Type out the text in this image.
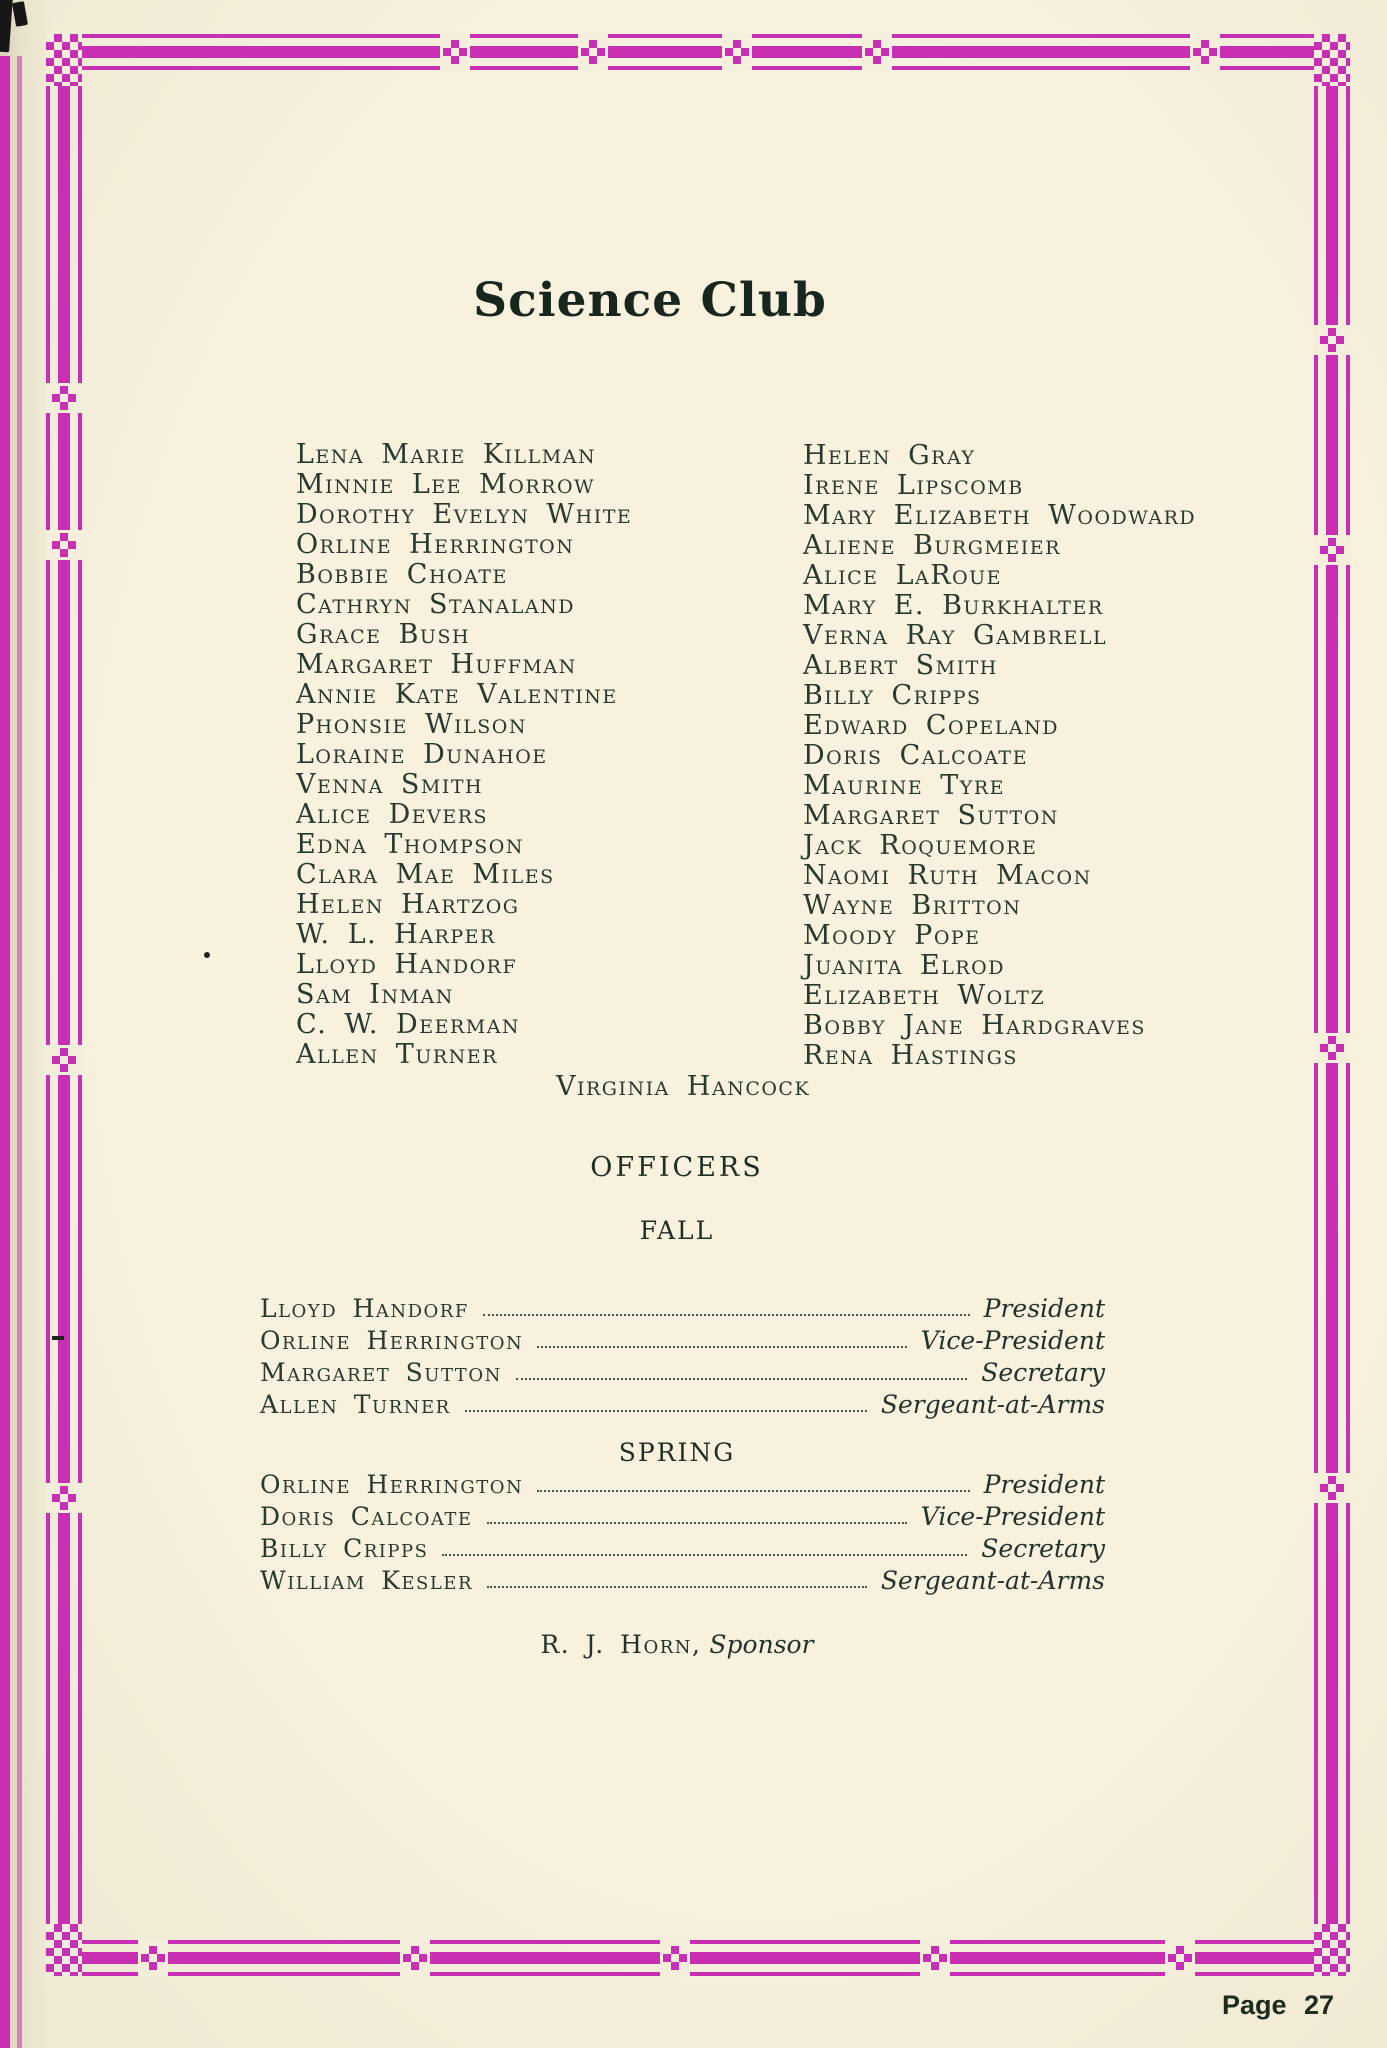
Science Club
Lena Marie Killman
Minnie Lee Morrow
Dorothy Evelyn White
Orline Herrington
Bobbie Choate
Cathryn Stanaland
Grace Bush
Margaret Huffman
Annie Kate Valentine
Phonsie Wilson
Loraine Dunahoe
Venna Smith
Alice Devers
Edna Thompson
Clara Mae Miles
Helen Hartzog
W. L. Harper
Lloyd Handorf
Sam Inman
C. W. Deerman
Allen Turner
Helen Gray
Irene Lipscomb
Mary Elizabeth Woodward
Aliene Burgmeier
Alice LaRoue
Mary E. Burkhalter
Verna Ray Gambrell
Albert Smith
Billy Cripps
Edward Copeland
Doris Calcoate
Maurine Tyre
Margaret Sutton
Jack Roquemore
Naomi Ruth Macon
Wayne Britton
Moody Pope
Juanita Elrod
Elizabeth Woltz
Bobby Jane Hardgraves
Rena Hastings
Virginia Hancock
OFFICERS
FALL
Lloyd Handorf	President
Orline Herrington	Vice-President
Margaret Sutton	Secretary
Allen Turner	Sergeant-at-Arms
SPRING
Orline Herrington	President
Doris Calcoate	Vice-President
Billy Cripps	Secretary
William Kesler	Sergeant-at-Arms
R. J. Horn, Sponsor
Page 27
